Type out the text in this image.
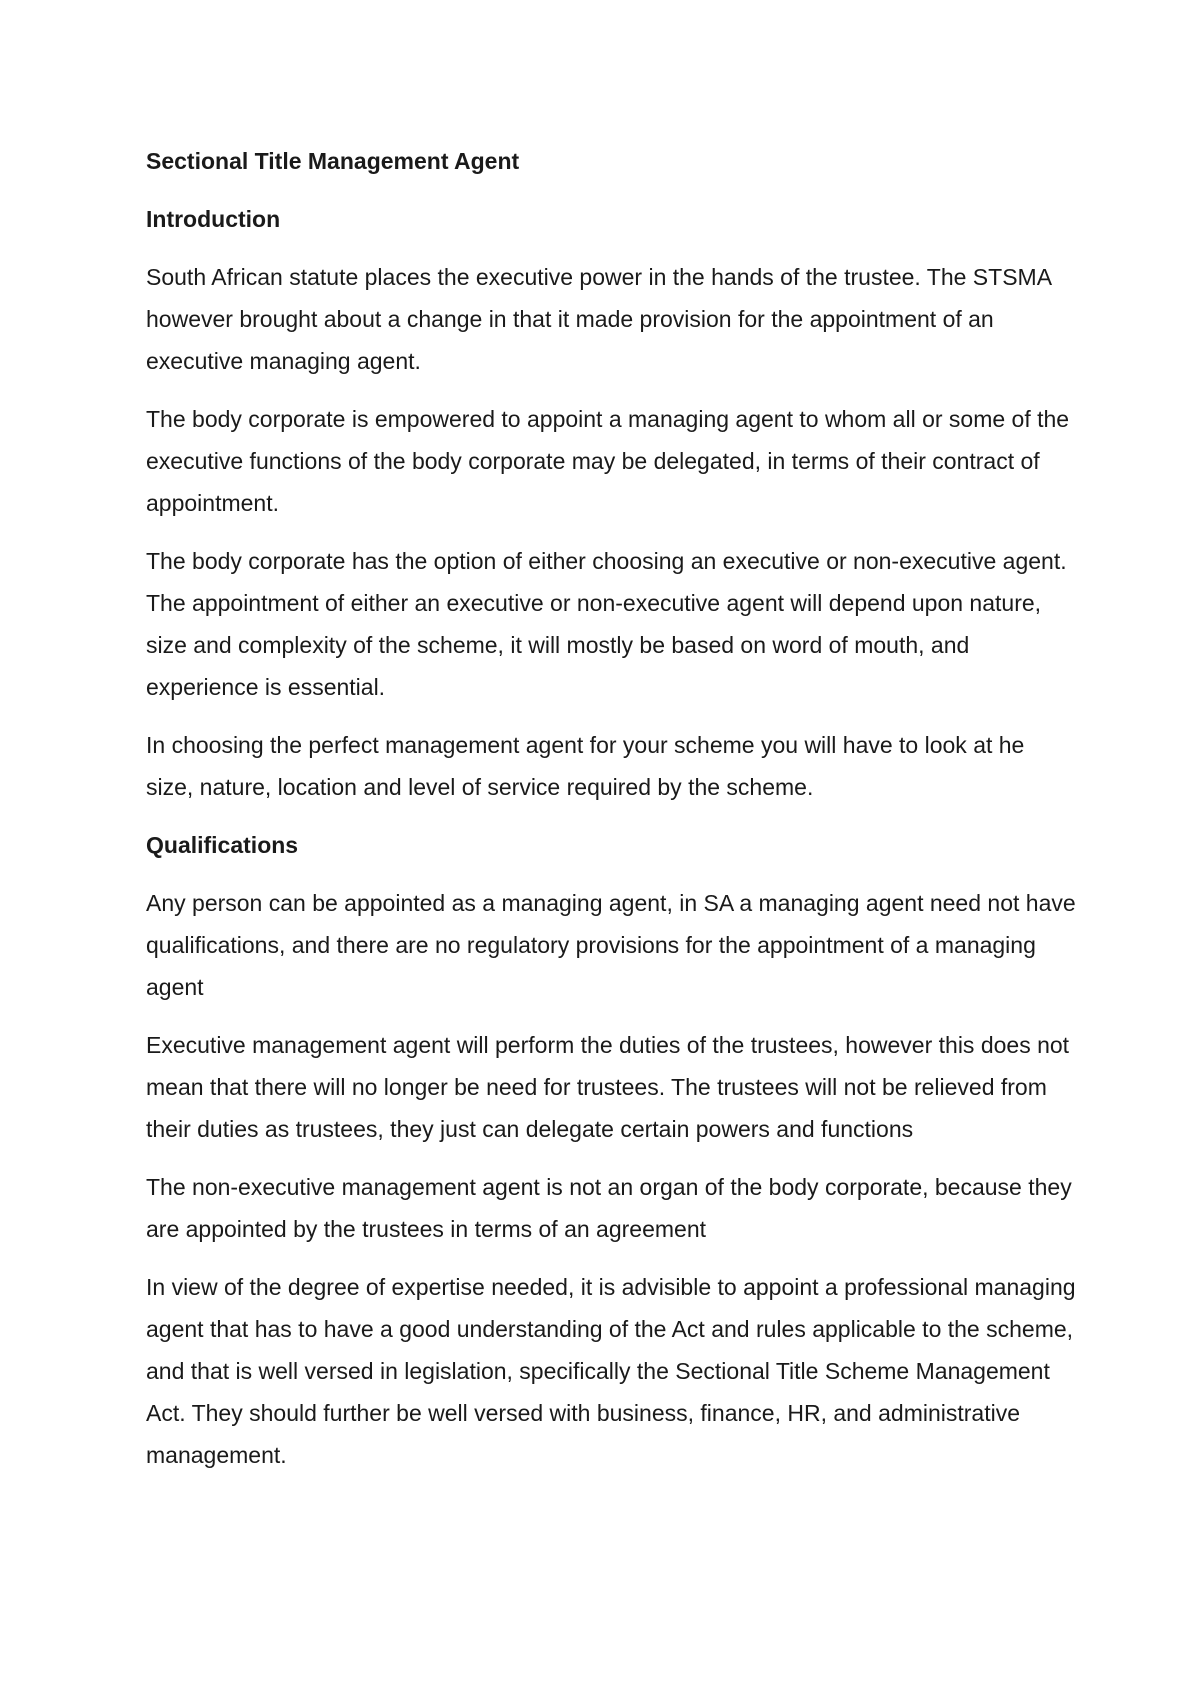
Sectional Title Management Agent
Introduction
South African statute places the executive power in the hands of the trustee. The STSMA however brought about a change in that it made provision for the appointment of an executive managing agent.
The body corporate is empowered to appoint a managing agent to whom all or some of the executive functions of the body corporate may be delegated, in terms of their contract of appointment.
The body corporate has the option of either choosing an executive or non-executive agent. The appointment of either an executive or non-executive agent will depend upon nature, size and complexity of the scheme, it will mostly be based on word of mouth, and experience is essential.
In choosing the perfect management agent for your scheme you will have to look at he size, nature, location and level of service required by the scheme.
Qualifications
Any person can be appointed as a managing agent, in SA a managing agent need not have qualifications, and there are no regulatory provisions for the appointment of a managing agent
Executive management agent will perform the duties of the trustees, however this does not mean that there will no longer be need for trustees. The trustees will not be relieved from their duties as trustees, they just can delegate certain powers and functions
The non-executive management agent is not an organ of the body corporate, because they are appointed by the trustees in terms of an agreement
In view of the degree of expertise needed, it is advisible to appoint a professional managing agent that has to have a good understanding of the Act and rules applicable to the scheme, and that is well versed in legislation, specifically the Sectional Title Scheme Management Act. They should further be well versed with business, finance, HR, and administrative management.
